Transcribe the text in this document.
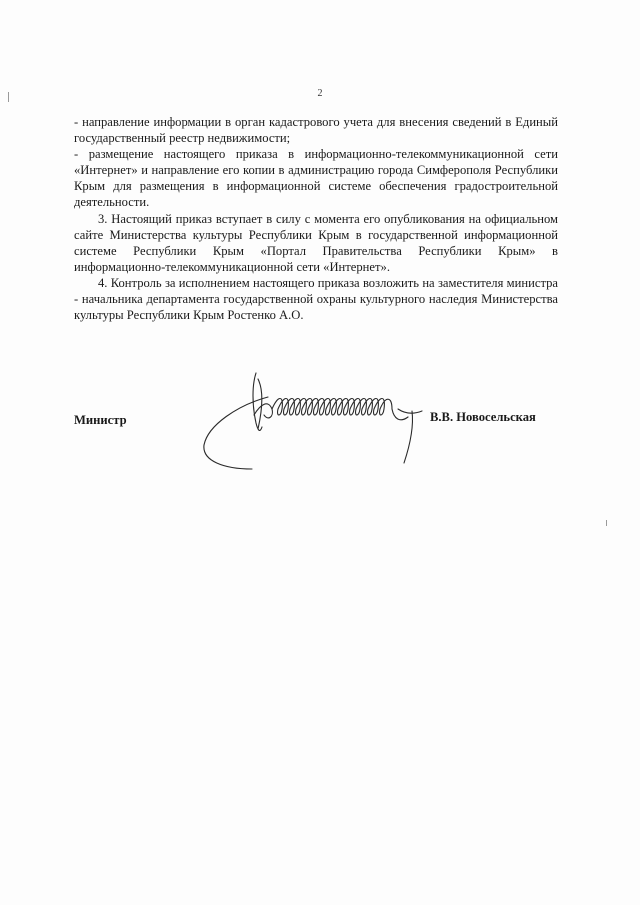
2

- направление информации в орган кадастрового учета для внесения сведений в Единый государственный реестр недвижимости;

- размещение настоящего приказа в информационно-телекоммуникационной сети «Интернет» и направление его копии в администрацию города Симферополя Республики Крым для размещения в информационной системе обеспечения градостроительной деятельности.

3. Настоящий приказ вступает в силу с момента его опубликования на официальном сайте Министерства культуры Республики Крым в государственной информационной системе Республики Крым «Портал Правительства Республики Крым» в информационно-телекоммуникационной сети «Интернет».

4. Контроль за исполнением настоящего приказа возложить на заместителя министра - начальника департамента государственной охраны культурного наследия Министерства культуры Республики Крым Ростенко А.О.

Министр	В.В. Новосельская
